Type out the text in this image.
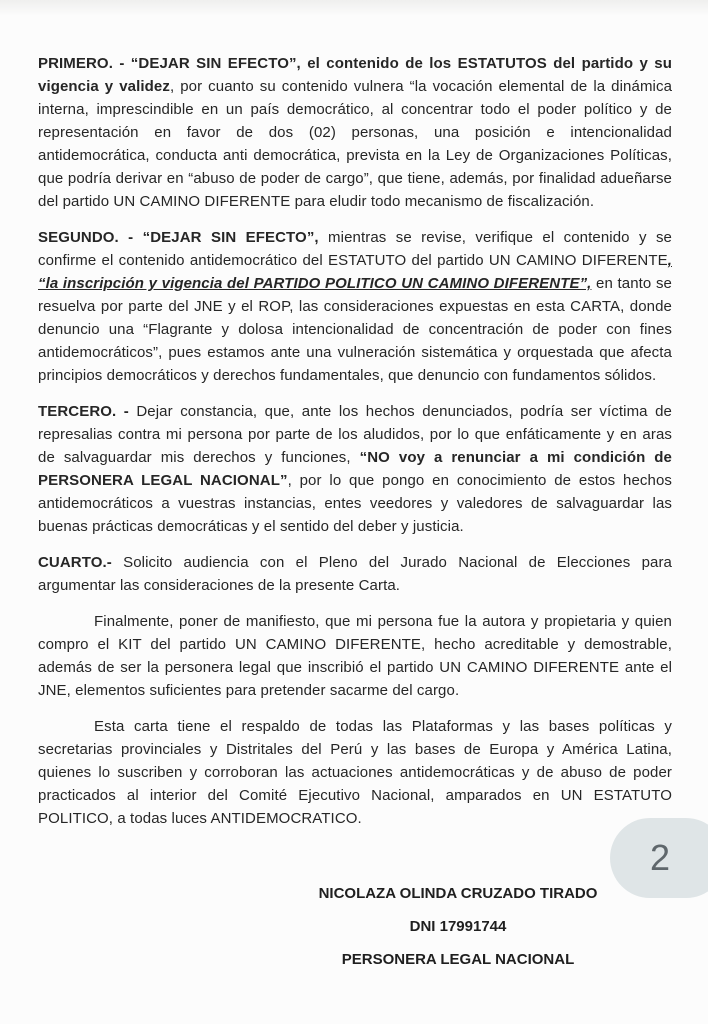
PRIMERO. - “DEJAR SIN EFECTO”, el contenido de los ESTATUTOS del partido y su vigencia y validez, por cuanto su contenido vulnera “la vocación elemental de la dinámica interna, imprescindible en un país democrático, al concentrar todo el poder político y de representación en favor de dos (02) personas, una posición e intencionalidad antidemocrática, conducta anti democrática, prevista en la Ley de Organizaciones Políticas, que podría derivar en “abuso de poder de cargo”, que tiene, además, por finalidad adueñarse del partido UN CAMINO DIFERENTE para eludir todo mecanismo de fiscalización.

SEGUNDO. - “DEJAR SIN EFECTO”, mientras se revise, verifique el contenido y se confirme el contenido antidemocrático del ESTATUTO del partido UN CAMINO DIFERENTE, “la inscripción y vigencia del PARTIDO POLITICO UN CAMINO DIFERENTE”, en tanto se resuelva por parte del JNE y el ROP, las consideraciones expuestas en esta CARTA, donde denuncio una “Flagrante y dolosa intencionalidad de concentración de poder con fines antidemocráticos”, pues estamos ante una vulneración sistemática y orquestada que afecta principios democráticos y derechos fundamentales, que denuncio con fundamentos sólidos.

TERCERO. - Dejar constancia, que, ante los hechos denunciados, podría ser víctima de represalias contra mi persona por parte de los aludidos, por lo que enfáticamente y en aras de salvaguardar mis derechos y funciones, “NO voy a renunciar a mi condición de PERSONERA LEGAL NACIONAL”, por lo que pongo en conocimiento de estos hechos antidemocráticos a vuestras instancias, entes veedores y valedores de salvaguardar las buenas prácticas democráticas y el sentido del deber y justicia.

CUARTO.- Solicito audiencia con el Pleno del Jurado Nacional de Elecciones para argumentar las consideraciones de la presente Carta.

Finalmente, poner de manifiesto, que mi persona fue la autora y propietaria y quien compro el KIT del partido UN CAMINO DIFERENTE, hecho acreditable y demostrable, además de ser la personera legal que inscribió el partido UN CAMINO DIFERENTE ante el JNE, elementos suficientes para pretender sacarme del cargo.

Esta carta tiene el respaldo de todas las Plataformas y las bases políticas y secretarias provinciales y Distritales del Perú y las bases de Europa y América Latina, quienes lo suscriben y corroboran las actuaciones antidemocráticas y de abuso de poder practicados al interior del Comité Ejecutivo Nacional, amparados en UN ESTATUTO POLITICO, a todas luces ANTIDEMOCRATICO.

2
NICOLAZA OLINDA CRUZADO TIRADO
DNI 17991744
PERSONERA LEGAL NACIONAL
